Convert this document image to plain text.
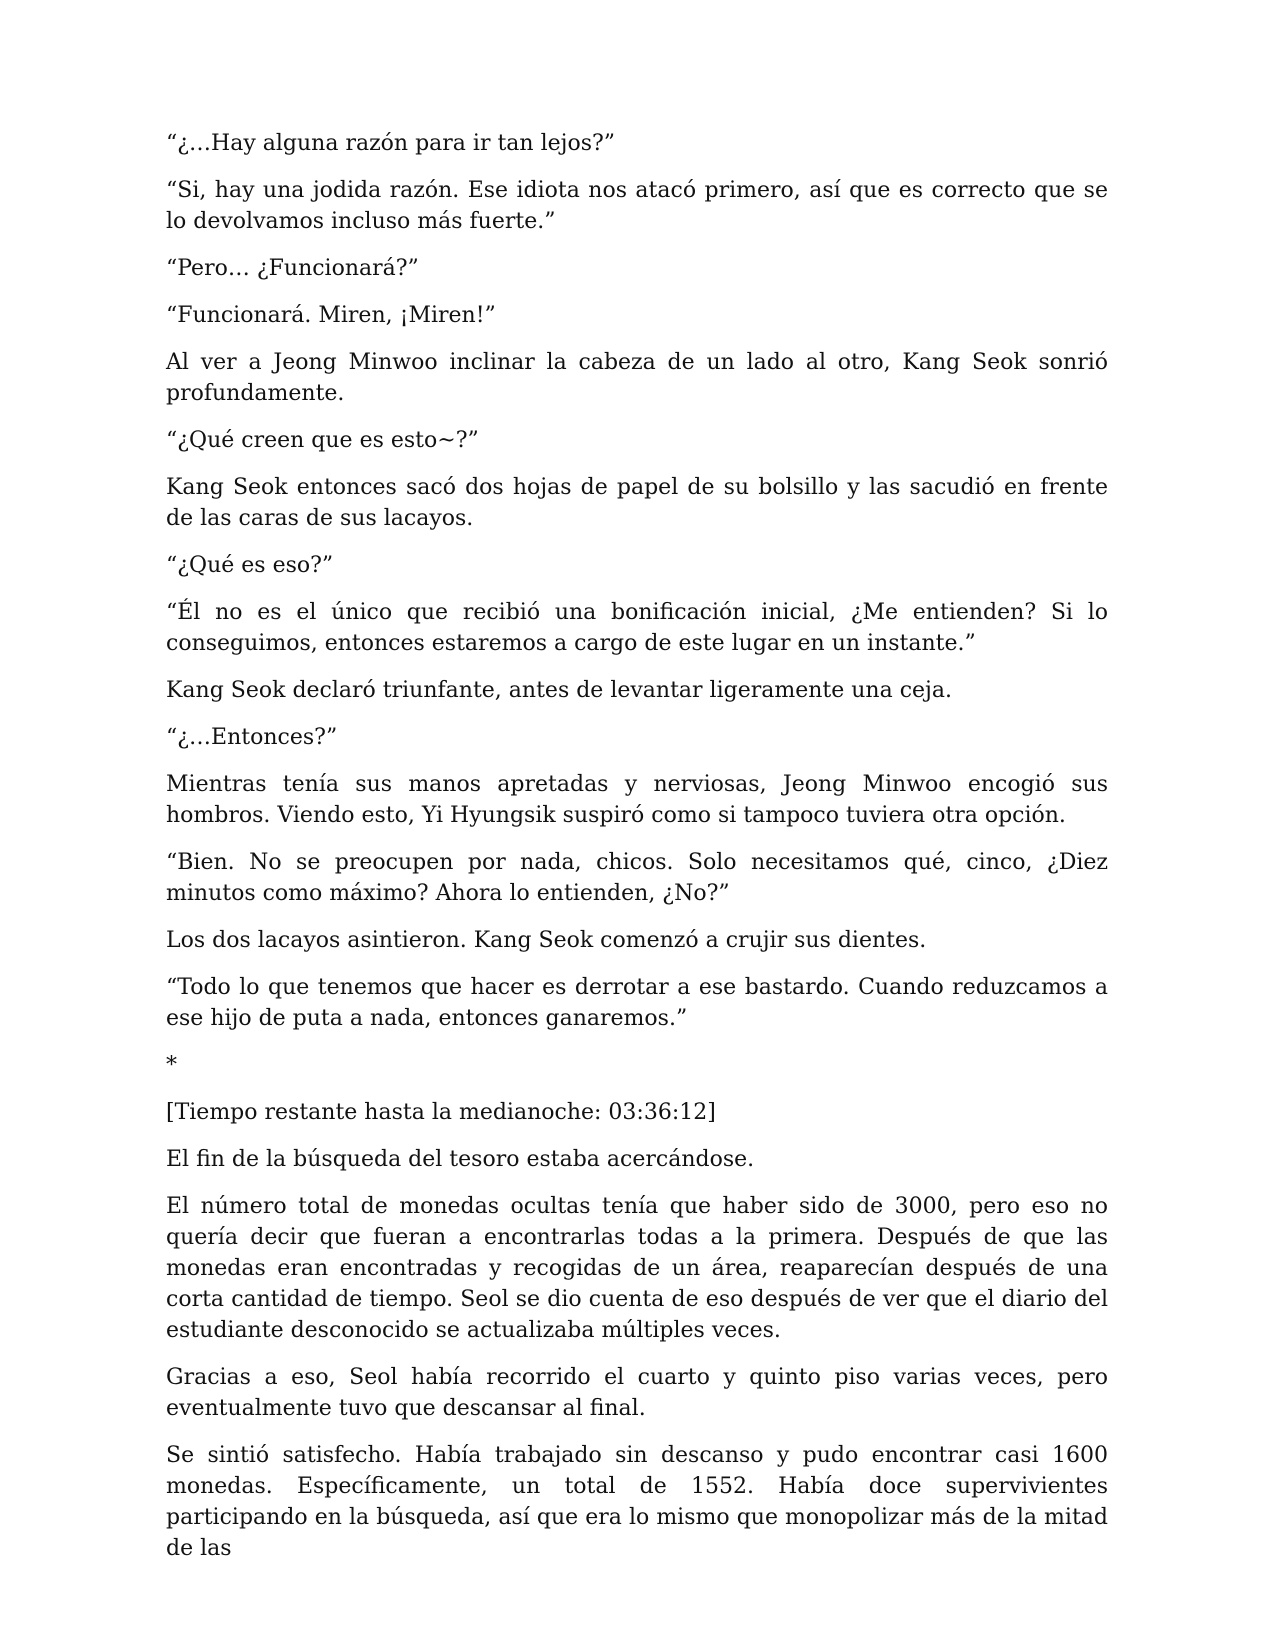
“¿…Hay alguna razón para ir tan lejos?”

“Si, hay una jodida razón. Ese idiota nos atacó primero, así que es correcto que se lo devolvamos incluso más fuerte.”

“Pero… ¿Funcionará?”

“Funcionará. Miren, ¡Miren!”

Al ver a Jeong Minwoo inclinar la cabeza de un lado al otro, Kang Seok sonrió profundamente.

“¿Qué creen que es esto~?”

Kang Seok entonces sacó dos hojas de papel de su bolsillo y las sacudió en frente de las caras de sus lacayos.

“¿Qué es eso?”

“Él no es el único que recibió una bonificación inicial, ¿Me entienden? Si lo conseguimos, entonces estaremos a cargo de este lugar en un instante.”

Kang Seok declaró triunfante, antes de levantar ligeramente una ceja.

“¿…Entonces?”

Mientras tenía sus manos apretadas y nerviosas, Jeong Minwoo encogió sus hombros. Viendo esto, Yi Hyungsik suspiró como si tampoco tuviera otra opción.

“Bien. No se preocupen por nada, chicos. Solo necesitamos qué, cinco, ¿Diez minutos como máximo? Ahora lo entienden, ¿No?”

Los dos lacayos asintieron. Kang Seok comenzó a crujir sus dientes.

“Todo lo que tenemos que hacer es derrotar a ese bastardo. Cuando reduzcamos a ese hijo de puta a nada, entonces ganaremos.”

*

[Tiempo restante hasta la medianoche: 03:36:12]

El fin de la búsqueda del tesoro estaba acercándose.

El número total de monedas ocultas tenía que haber sido de 3000, pero eso no quería decir que fueran a encontrarlas todas a la primera. Después de que las monedas eran encontradas y recogidas de un área, reaparecían después de una corta cantidad de tiempo. Seol se dio cuenta de eso después de ver que el diario del estudiante desconocido se actualizaba múltiples veces.

Gracias a eso, Seol había recorrido el cuarto y quinto piso varias veces, pero eventualmente tuvo que descansar al final.

Se sintió satisfecho. Había trabajado sin descanso y pudo encontrar casi 1600 monedas. Específicamente, un total de 1552. Había doce supervivientes participando en la búsqueda, así que era lo mismo que monopolizar más de la mitad de las
